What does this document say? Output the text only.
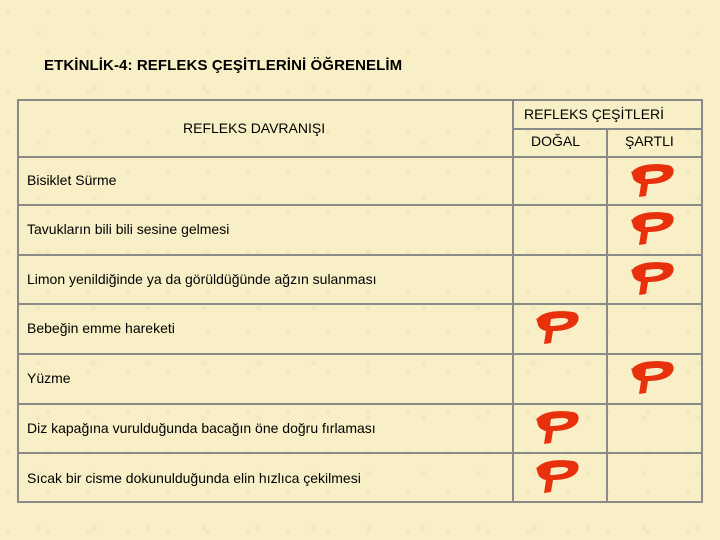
ETKİNLİK-4: REFLEKS ÇEŞİTLERİNİ ÖĞRENELİM
REFLEKS DAVRANIŞI
REFLEKS ÇEŞİTLERİ
DOĞAL	ŞARTLI
Bisiklet Sürme
Tavukların bili bili sesine gelmesi
Limon yenildiğinde ya da görüldüğünde ağzın sulanması
Bebeğin emme hareketi
Yüzme
Diz kapağına vurulduğunda bacağın öne doğru fırlaması
Sıcak bir cisme dokunulduğunda elin hızlıca çekilmesi
